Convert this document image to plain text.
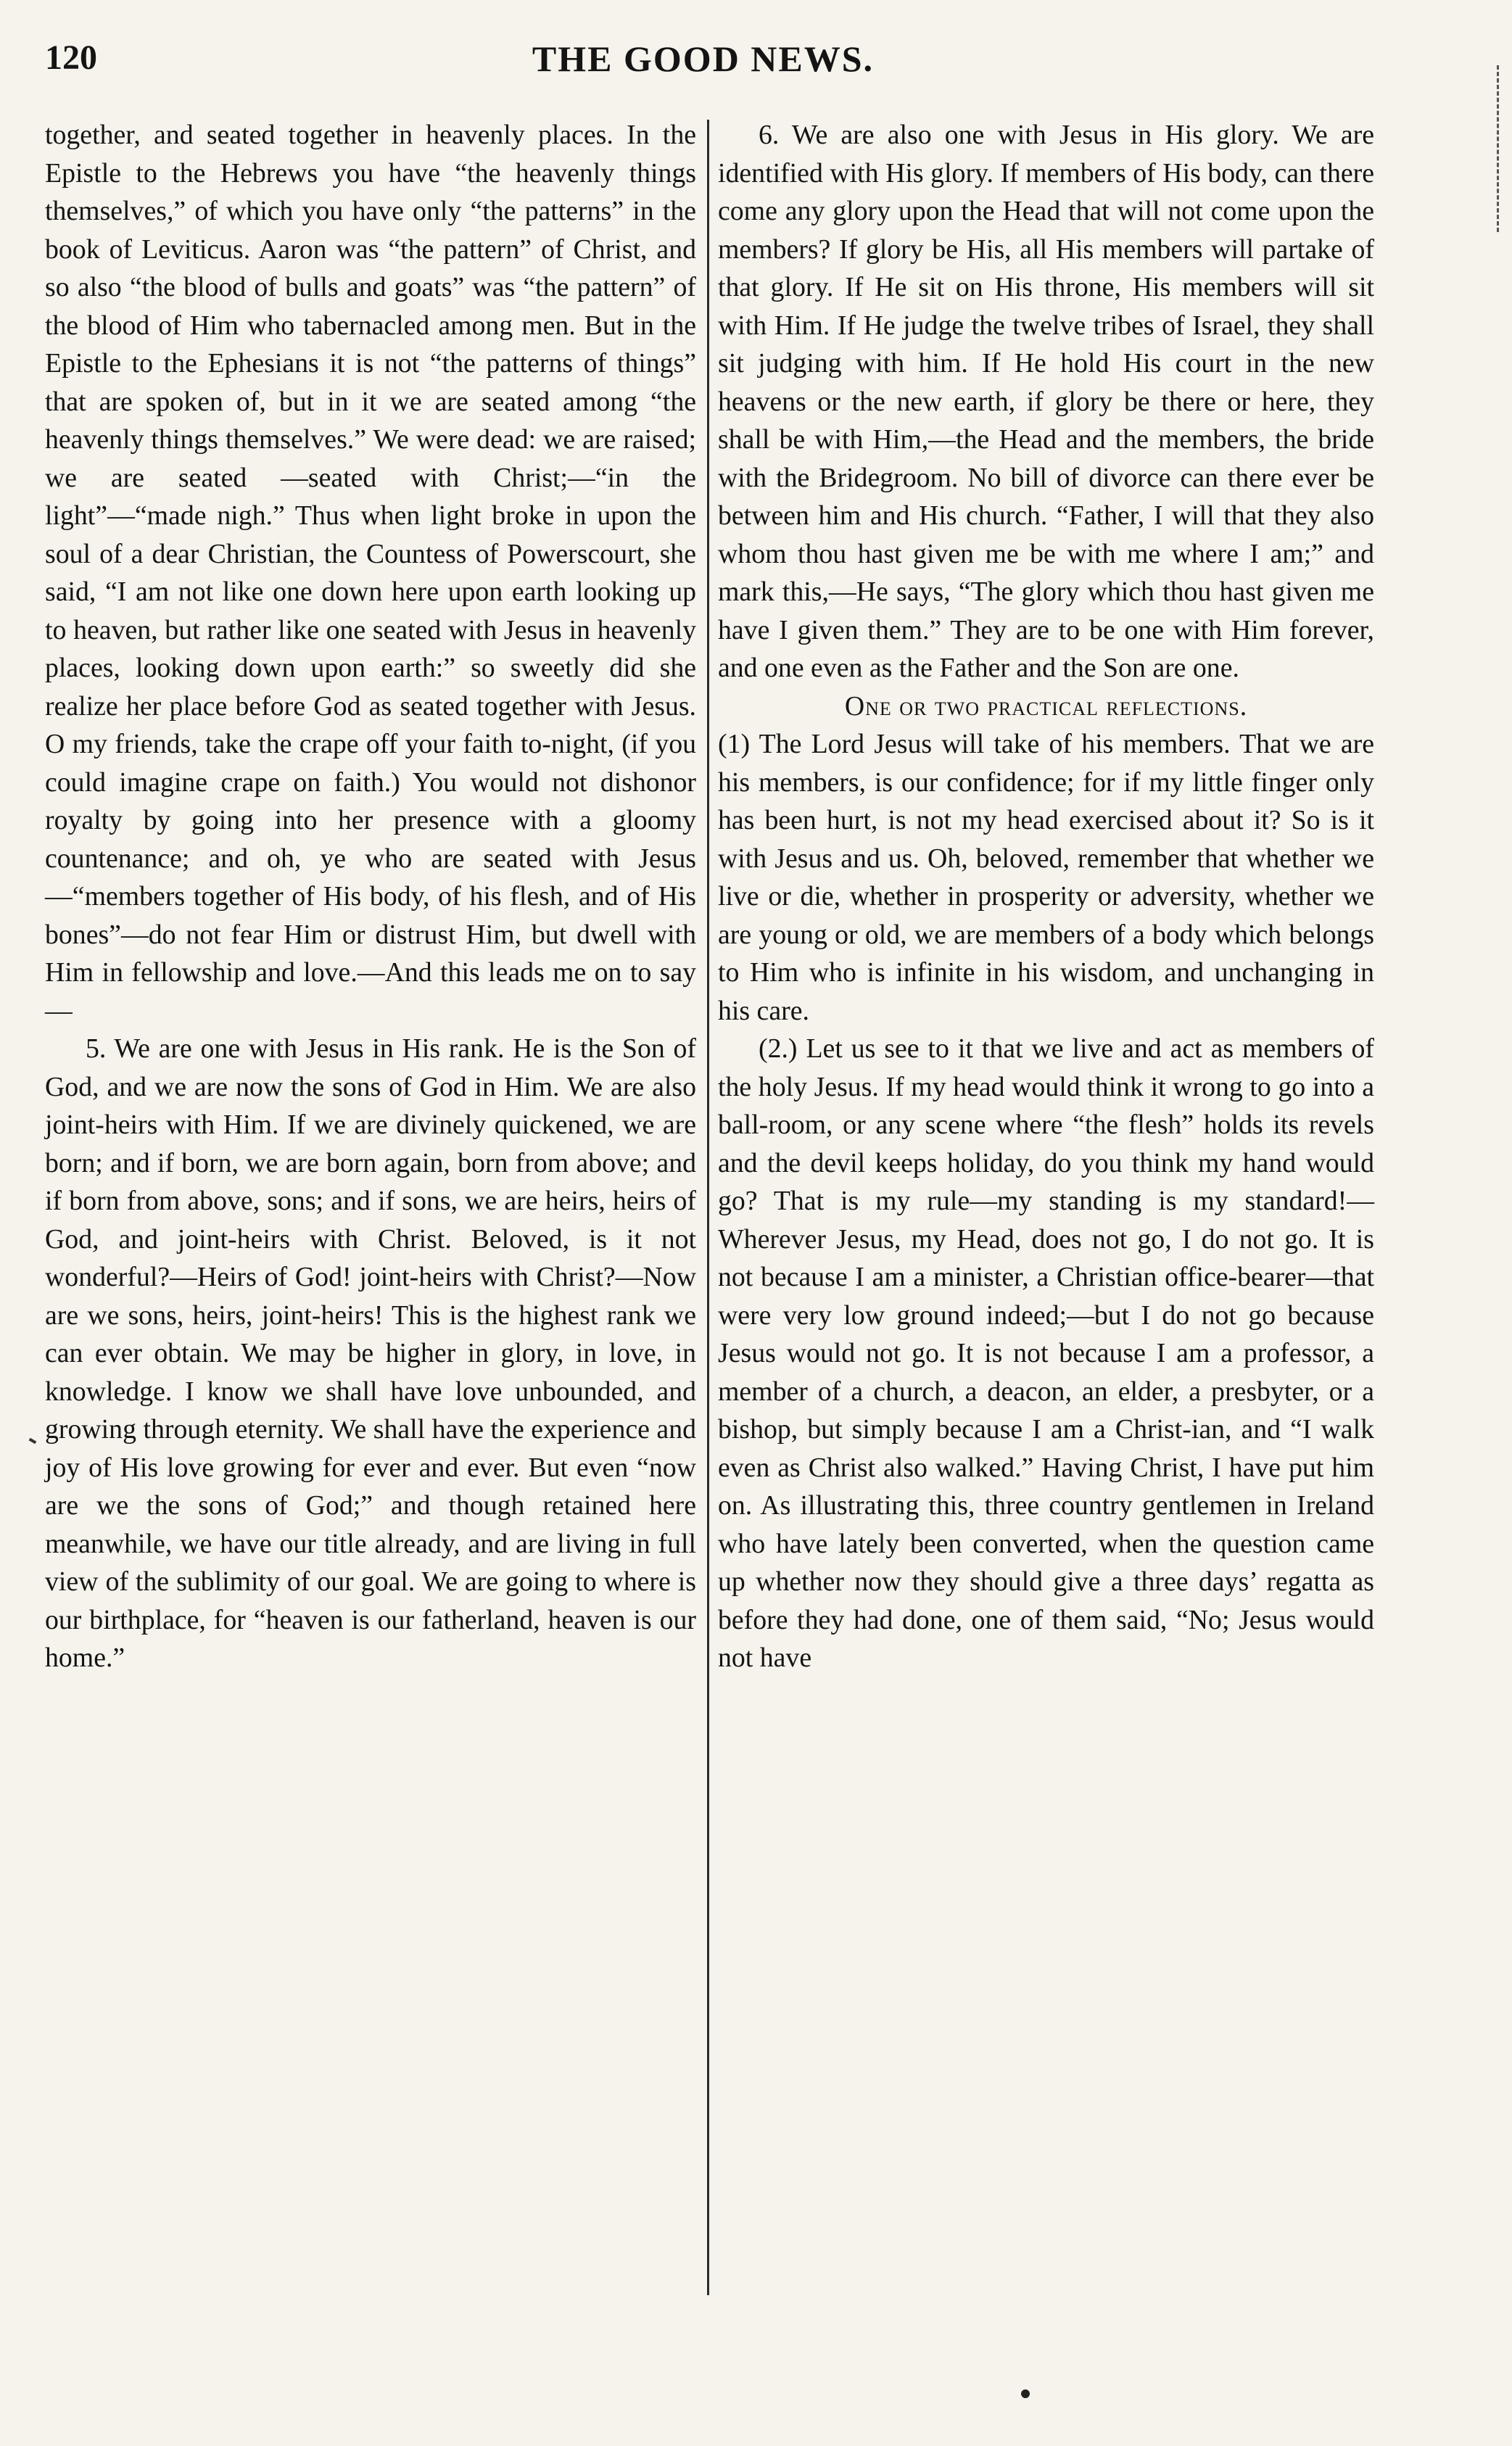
120	THE GOOD NEWS.

together, and seated together in heavenly places. In the Epistle to the Hebrews you have “the heavenly things themselves,” of which you have only “the patterns” in the book of Leviticus. Aaron was “the pattern” of Christ, and so also “the blood of bulls and goats” was “the pattern” of the blood of Him who tabernacled among men. But in the Epistle to the Ephesians it is not “the patterns of things” that are spoken of, but in it we are seated among “the heavenly things themselves.” We were dead: we are raised; we are seated —seated with Christ;—“in the light”—“made nigh.” Thus when light broke in upon the soul of a dear Christian, the Countess of Powerscourt, she said, “I am not like one down here upon earth looking up to heaven, but rather like one seated with Jesus in heavenly places, looking down upon earth:” so sweetly did she realize her place before God as seated together with Jesus. O my friends, take the crape off your faith to-night, (if you could imagine crape on faith.) You would not dishonor royalty by going into her presence with a gloomy countenance; and oh, ye who are seated with Jesus—“members together of His body, of his flesh, and of His bones”—do not fear Him or distrust Him, but dwell with Him in fellowship and love.—And this leads me on to say—

5. We are one with Jesus in His rank. He is the Son of God, and we are now the sons of God in Him. We are also joint-heirs with Him. If we are divinely quickened, we are born; and if born, we are born again, born from above; and if born from above, sons; and if sons, we are heirs, heirs of God, and joint-heirs with Christ. Beloved, is it not wonderful?—Heirs of God! joint-heirs with Christ?—Now are we sons, heirs, joint-heirs! This is the highest rank we can ever obtain. We may be higher in glory, in love, in knowledge. I know we shall have love unbounded, and growing through eternity. We shall have the experience and joy of His love growing for ever and ever. But even “now are we the sons of God;” and though retained here meanwhile, we have our title already, and are living in full view of the sublimity of our goal. We are going to where is our birthplace, for “heaven is our fatherland, heaven is our home.”

6. We are also one with Jesus in His glory. We are identified with His glory. If members of His body, can there come any glory upon the Head that will not come upon the members? If glory be His, all His members will partake of that glory. If He sit on His throne, His members will sit with Him. If He judge the twelve tribes of Israel, they shall sit judging with him. If He hold His court in the new heavens or the new earth, if glory be there or here, they shall be with Him,—the Head and the members, the bride with the Bridegroom. No bill of divorce can there ever be between him and His church. “Father, I will that they also whom thou hast given me be with me where I am;” and mark this,—He says, “The glory which thou hast given me have I given them.” They are to be one with Him forever, and one even as the Father and the Son are one.

One or two practical reflections.

(1) The Lord Jesus will take of his members. That we are his members, is our confidence; for if my little finger only has been hurt, is not my head exercised about it? So is it with Jesus and us. Oh, beloved, remember that whether we live or die, whether in prosperity or adversity, whether we are young or old, we are members of a body which belongs to Him who is infinite in his wisdom, and unchanging in his care.

(2.) Let us see to it that we live and act as members of the holy Jesus. If my head would think it wrong to go into a ball-room, or any scene where “the flesh” holds its revels and the devil keeps holiday, do you think my hand would go? That is my rule—my standing is my standard!—Wherever Jesus, my Head, does not go, I do not go. It is not because I am a minister, a Christian office-bearer—that were very low ground indeed;—but I do not go because Jesus would not go. It is not because I am a professor, a member of a church, a deacon, an elder, a presbyter, or a bishop, but simply because I am a Christ-ian, and “I walk even as Christ also walked.” Having Christ, I have put him on. As illustrating this, three country gentlemen in Ireland who have lately been converted, when the question came up whether now they should give a three days’ regatta as before they had done, one of them said, “No; Jesus would not have
